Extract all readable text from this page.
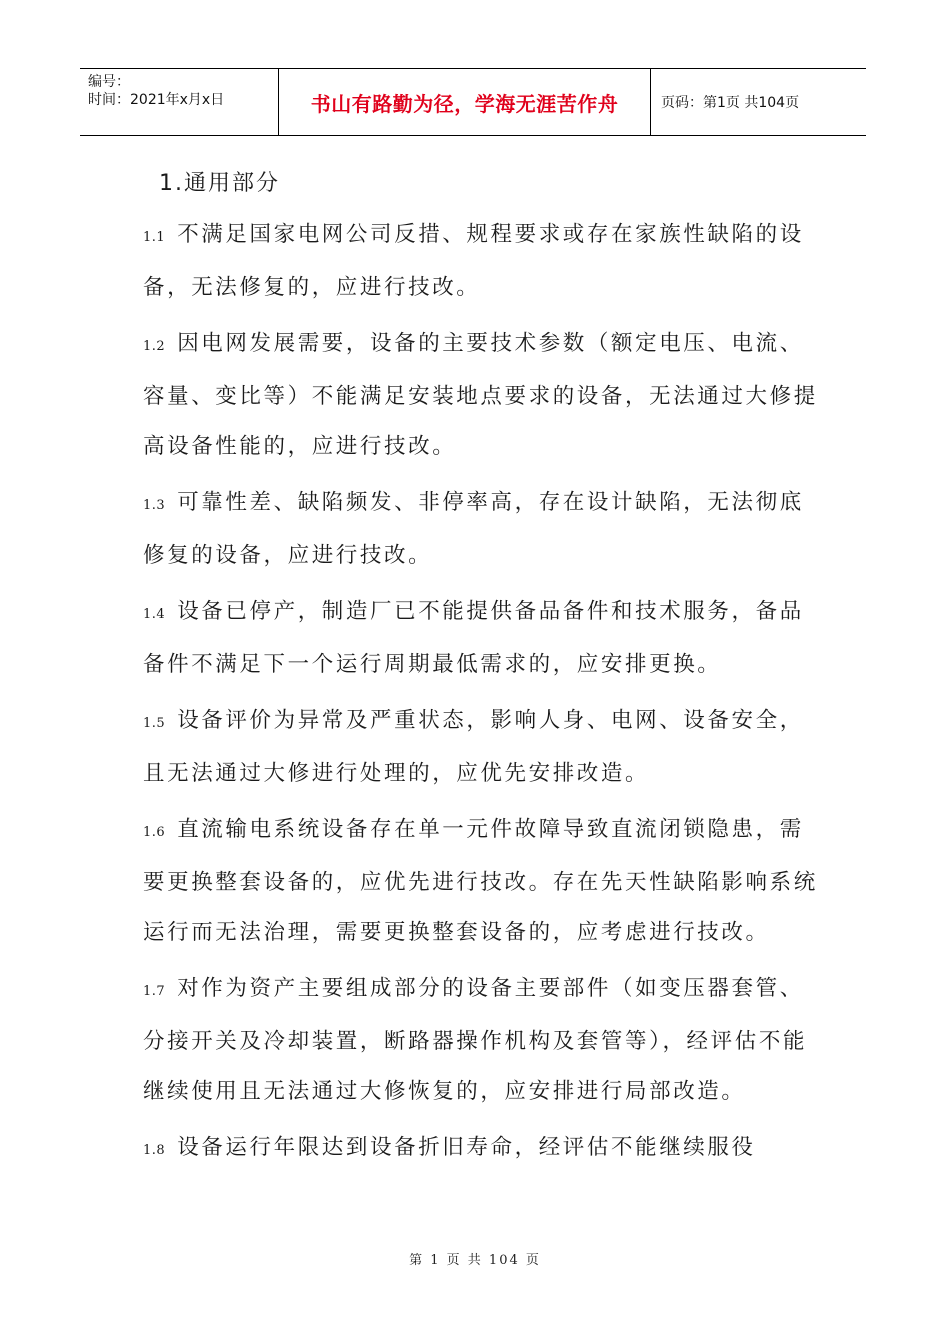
编号：
时间：2021年x月x日	书山有路勤为径，学海无涯苦作舟	页码：第1页 共104页
1.通用部分
1.1 不满足国家电网公司反措、规程要求或存在家族性缺陷的设备，无法修复的，应进行技改。
1.2 因电网发展需要，设备的主要技术参数（额定电压、电流、容量、变比等）不能满足安装地点要求的设备，无法通过大修提高设备性能的，应进行技改。
1.3 可靠性差、缺陷频发、非停率高，存在设计缺陷，无法彻底修复的设备，应进行技改。
1.4 设备已停产，制造厂已不能提供备品备件和技术服务，备品备件不满足下一个运行周期最低需求的，应安排更换。
1.5 设备评价为异常及严重状态，影响人身、电网、设备安全，且无法通过大修进行处理的，应优先安排改造。
1.6 直流输电系统设备存在单一元件故障导致直流闭锁隐患，需要更换整套设备的，应优先进行技改。存在先天性缺陷影响系统运行而无法治理，需要更换整套设备的，应考虑进行技改。
1.7 对作为资产主要组成部分的设备主要部件（如变压器套管、分接开关及冷却装置，断路器操作机构及套管等），经评估不能继续使用且无法通过大修恢复的，应安排进行局部改造。
1.8 设备运行年限达到设备折旧寿命，经评估不能继续服役
第 1 页 共 104 页
